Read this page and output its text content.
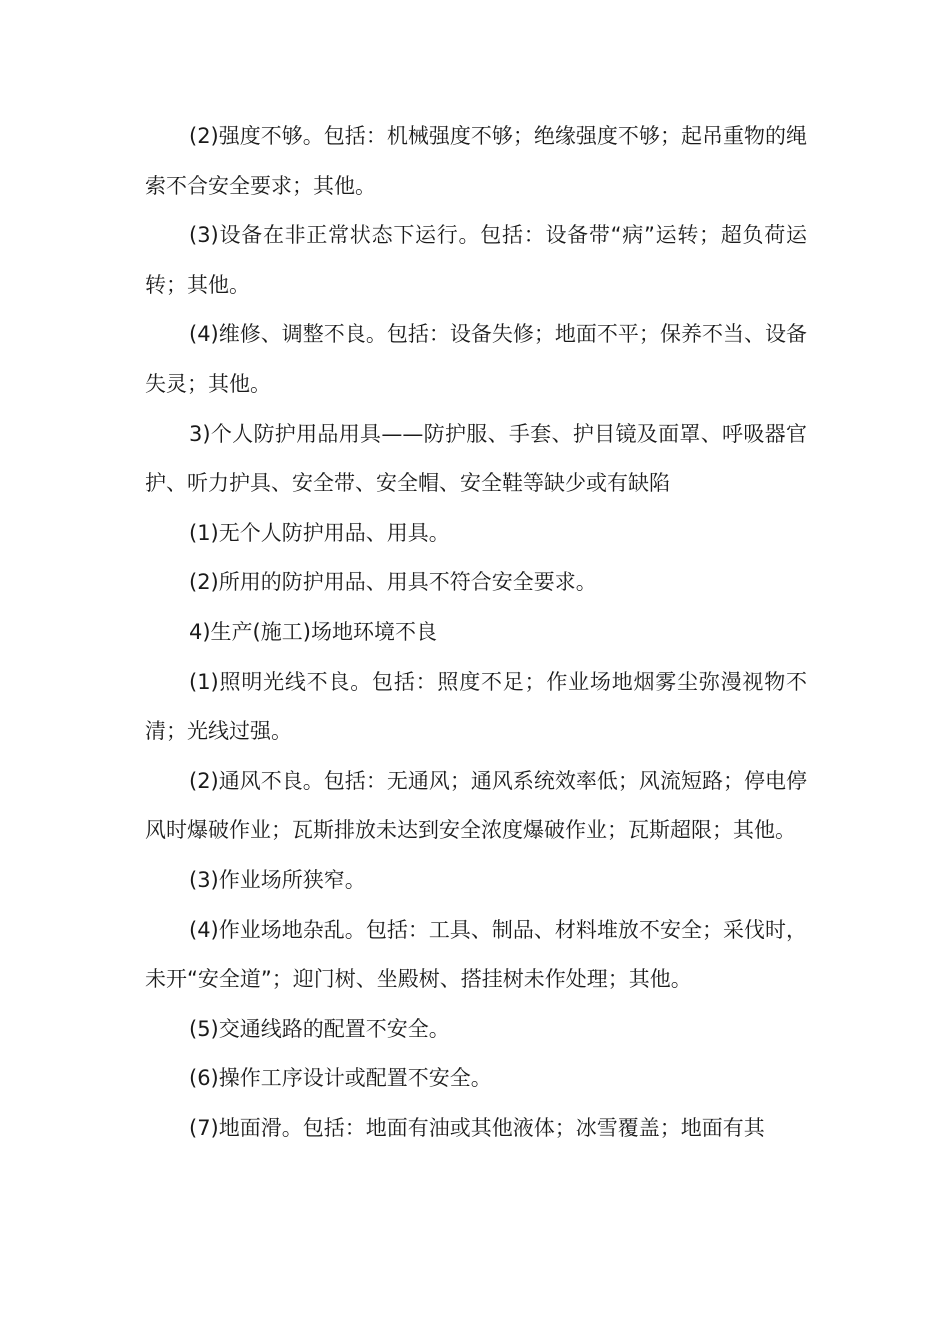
(2)强度不够。包括：机械强度不够；绝缘强度不够；起吊重物的绳索不合安全要求；其他。

(3)设备在非正常状态下运行。包括：设备带“病”运转；超负荷运转；其他。

(4)维修、调整不良。包括：设备失修；地面不平；保养不当、设备失灵；其他。

3)个人防护用品用具——防护服、手套、护目镜及面罩、呼吸器官护、听力护具、安全带、安全帽、安全鞋等缺少或有缺陷

(1)无个人防护用品、用具。

(2)所用的防护用品、用具不符合安全要求。

4)生产(施工)场地环境不良

(1)照明光线不良。包括：照度不足；作业场地烟雾尘弥漫视物不清；光线过强。

(2)通风不良。包括：无通风；通风系统效率低；风流短路；停电停风时爆破作业；瓦斯排放未达到安全浓度爆破作业；瓦斯超限；其他。

(3)作业场所狭窄。

(4)作业场地杂乱。包括：工具、制品、材料堆放不安全；采伐时，未开“安全道”；迎门树、坐殿树、搭挂树未作处理；其他。

(5)交通线路的配置不安全。

(6)操作工序设计或配置不安全。

(7)地面滑。包括：地面有油或其他液体；冰雪覆盖；地面有其
